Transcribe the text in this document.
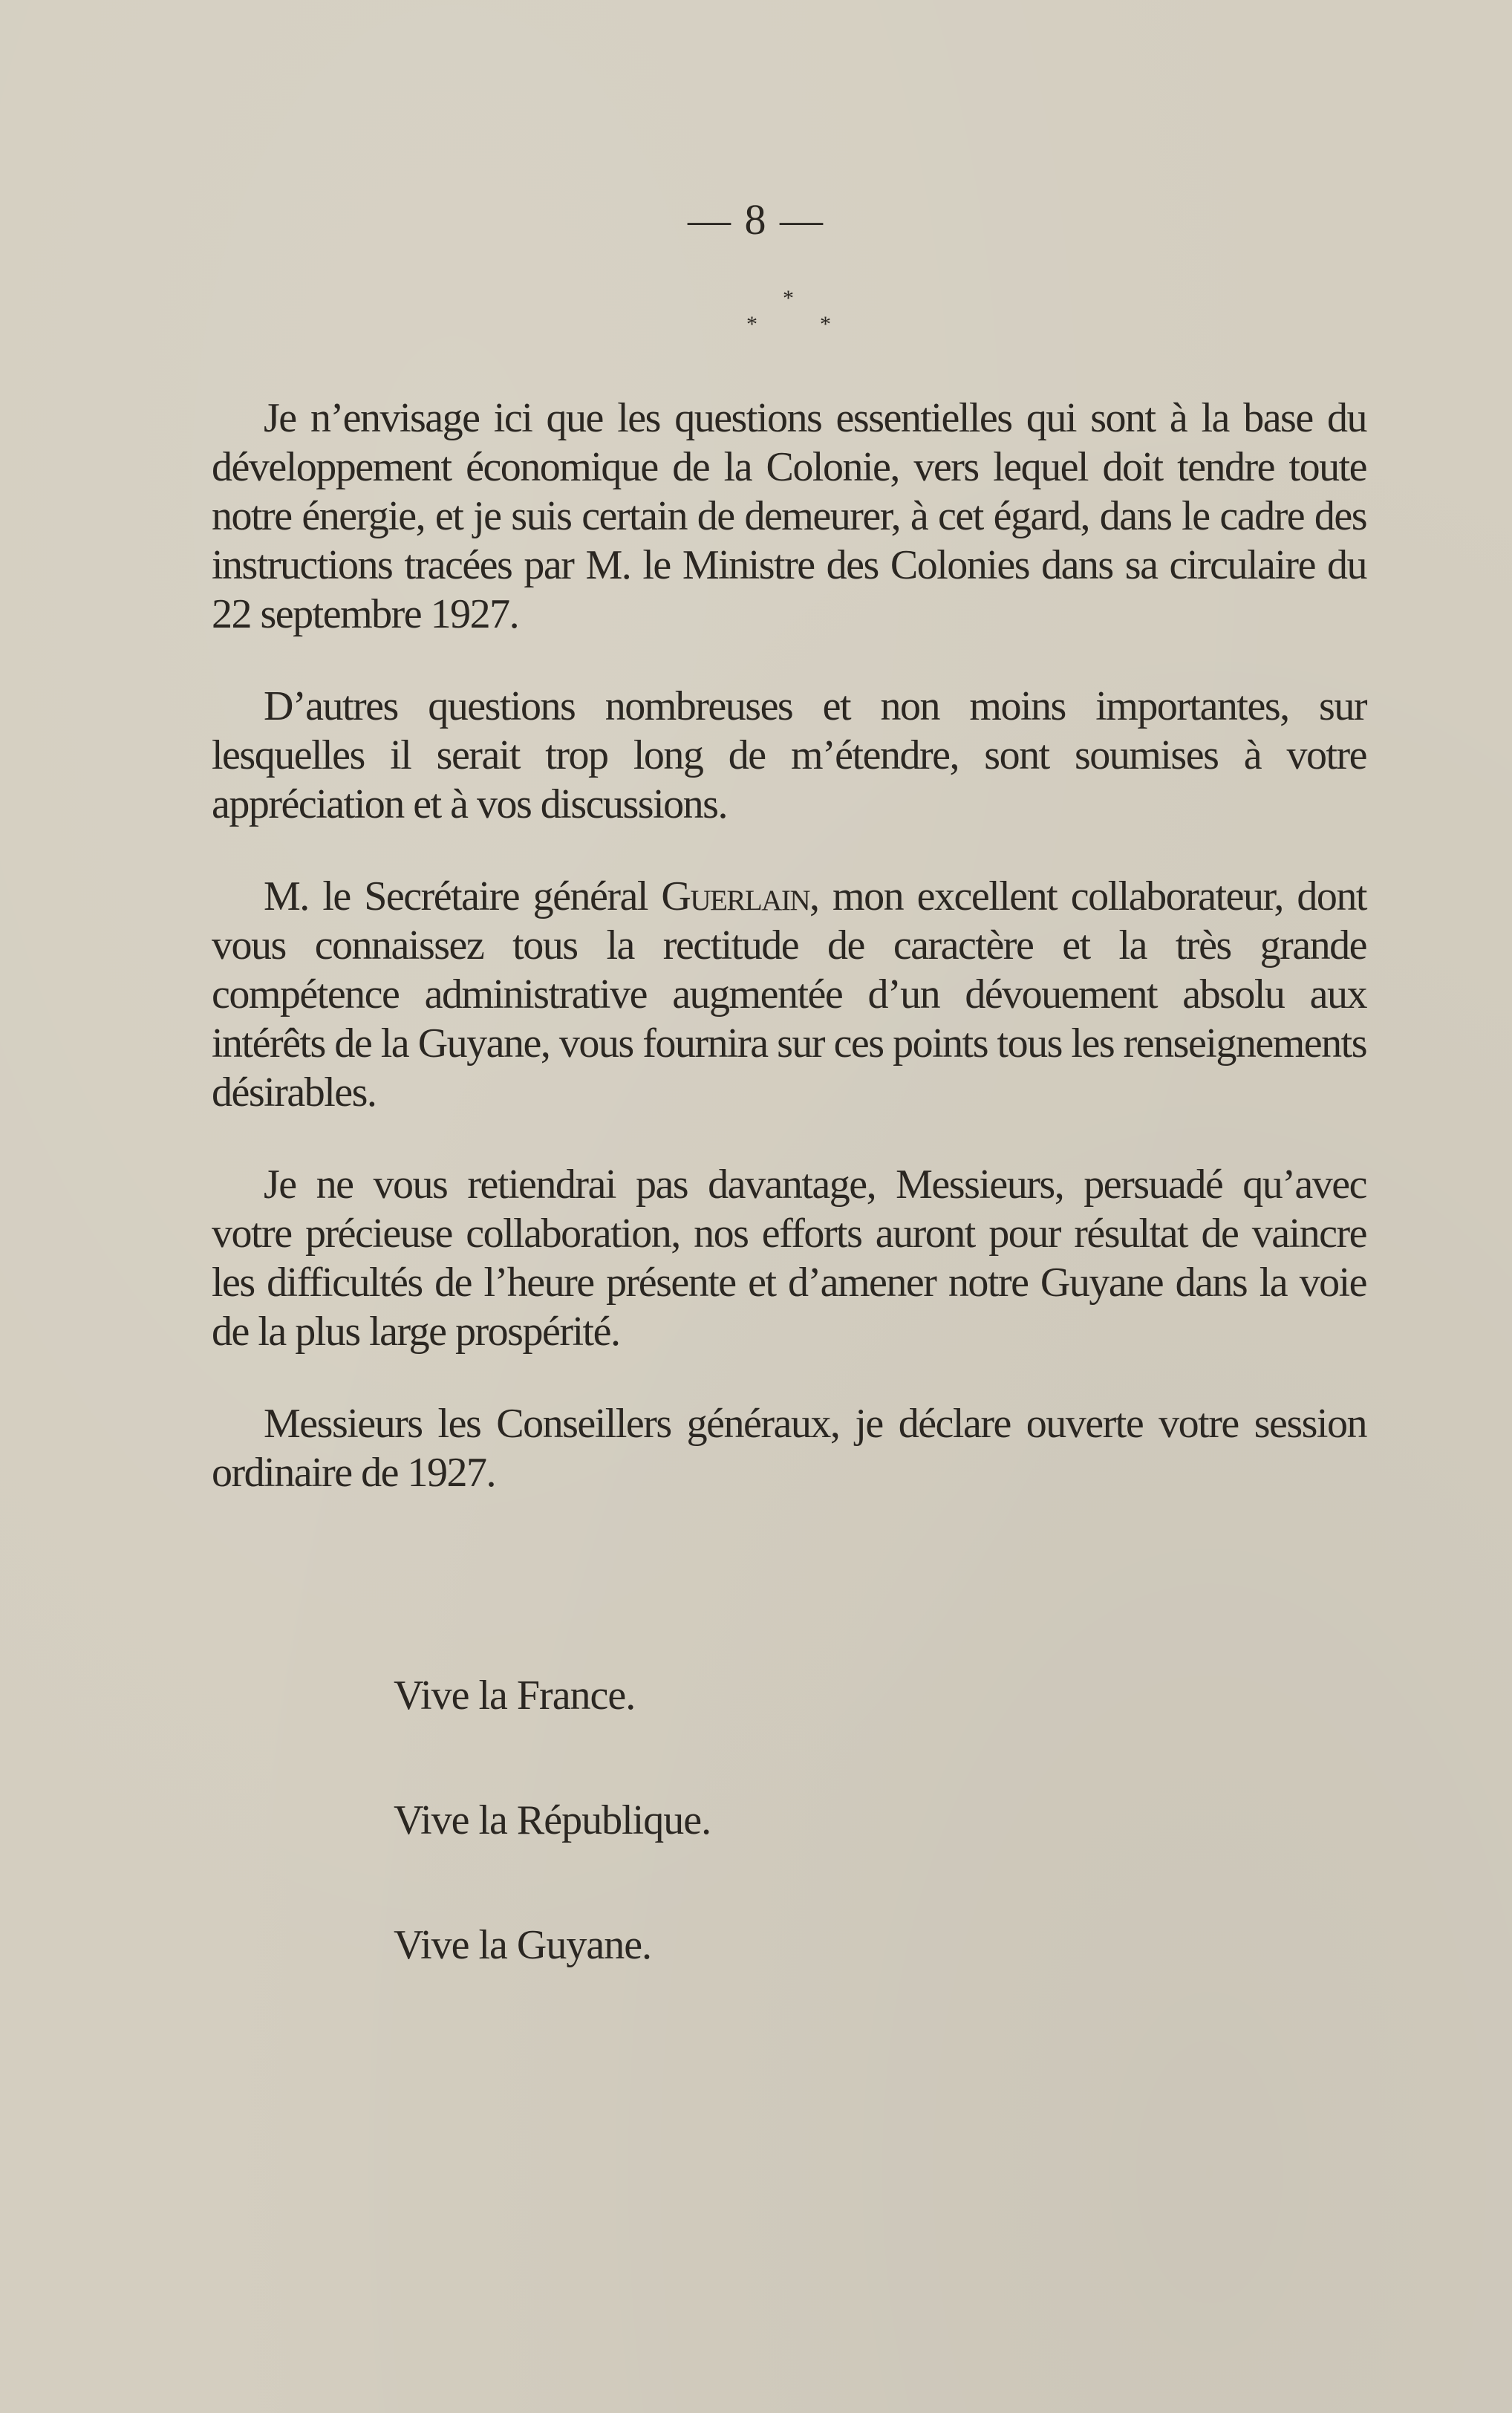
— 8 —
*
*	*

Je n’envisage ici que les questions essentielles qui sont à la base du développement économique de la Colonie, vers lequel doit tendre toute notre énergie, et je suis certain de demeurer, à cet égard, dans le cadre des instructions tracées par M. le Ministre des Colonies dans sa circulaire du 22 septembre 1927.

D’autres questions nombreuses et non moins importantes, sur lesquelles il serait trop long de m’étendre, sont soumises à votre appréciation et à vos discussions.

M. le Secrétaire général Guerlain, mon excellent collaborateur, dont vous connaissez tous la rectitude de caractère et la très grande compétence administrative augmentée d’un dévouement absolu aux intérêts de la Guyane, vous fournira sur ces points tous les renseignements désirables.

Je ne vous retiendrai pas davantage, Messieurs, persuadé qu’avec votre précieuse collaboration, nos efforts auront pour résultat de vaincre les difficultés de l’heure présente et d’amener notre Guyane dans la voie de la plus large prospérité.

Messieurs les Conseillers généraux, je déclare ouverte votre session ordinaire de 1927.

Vive la France.
Vive la République.
Vive la Guyane.
